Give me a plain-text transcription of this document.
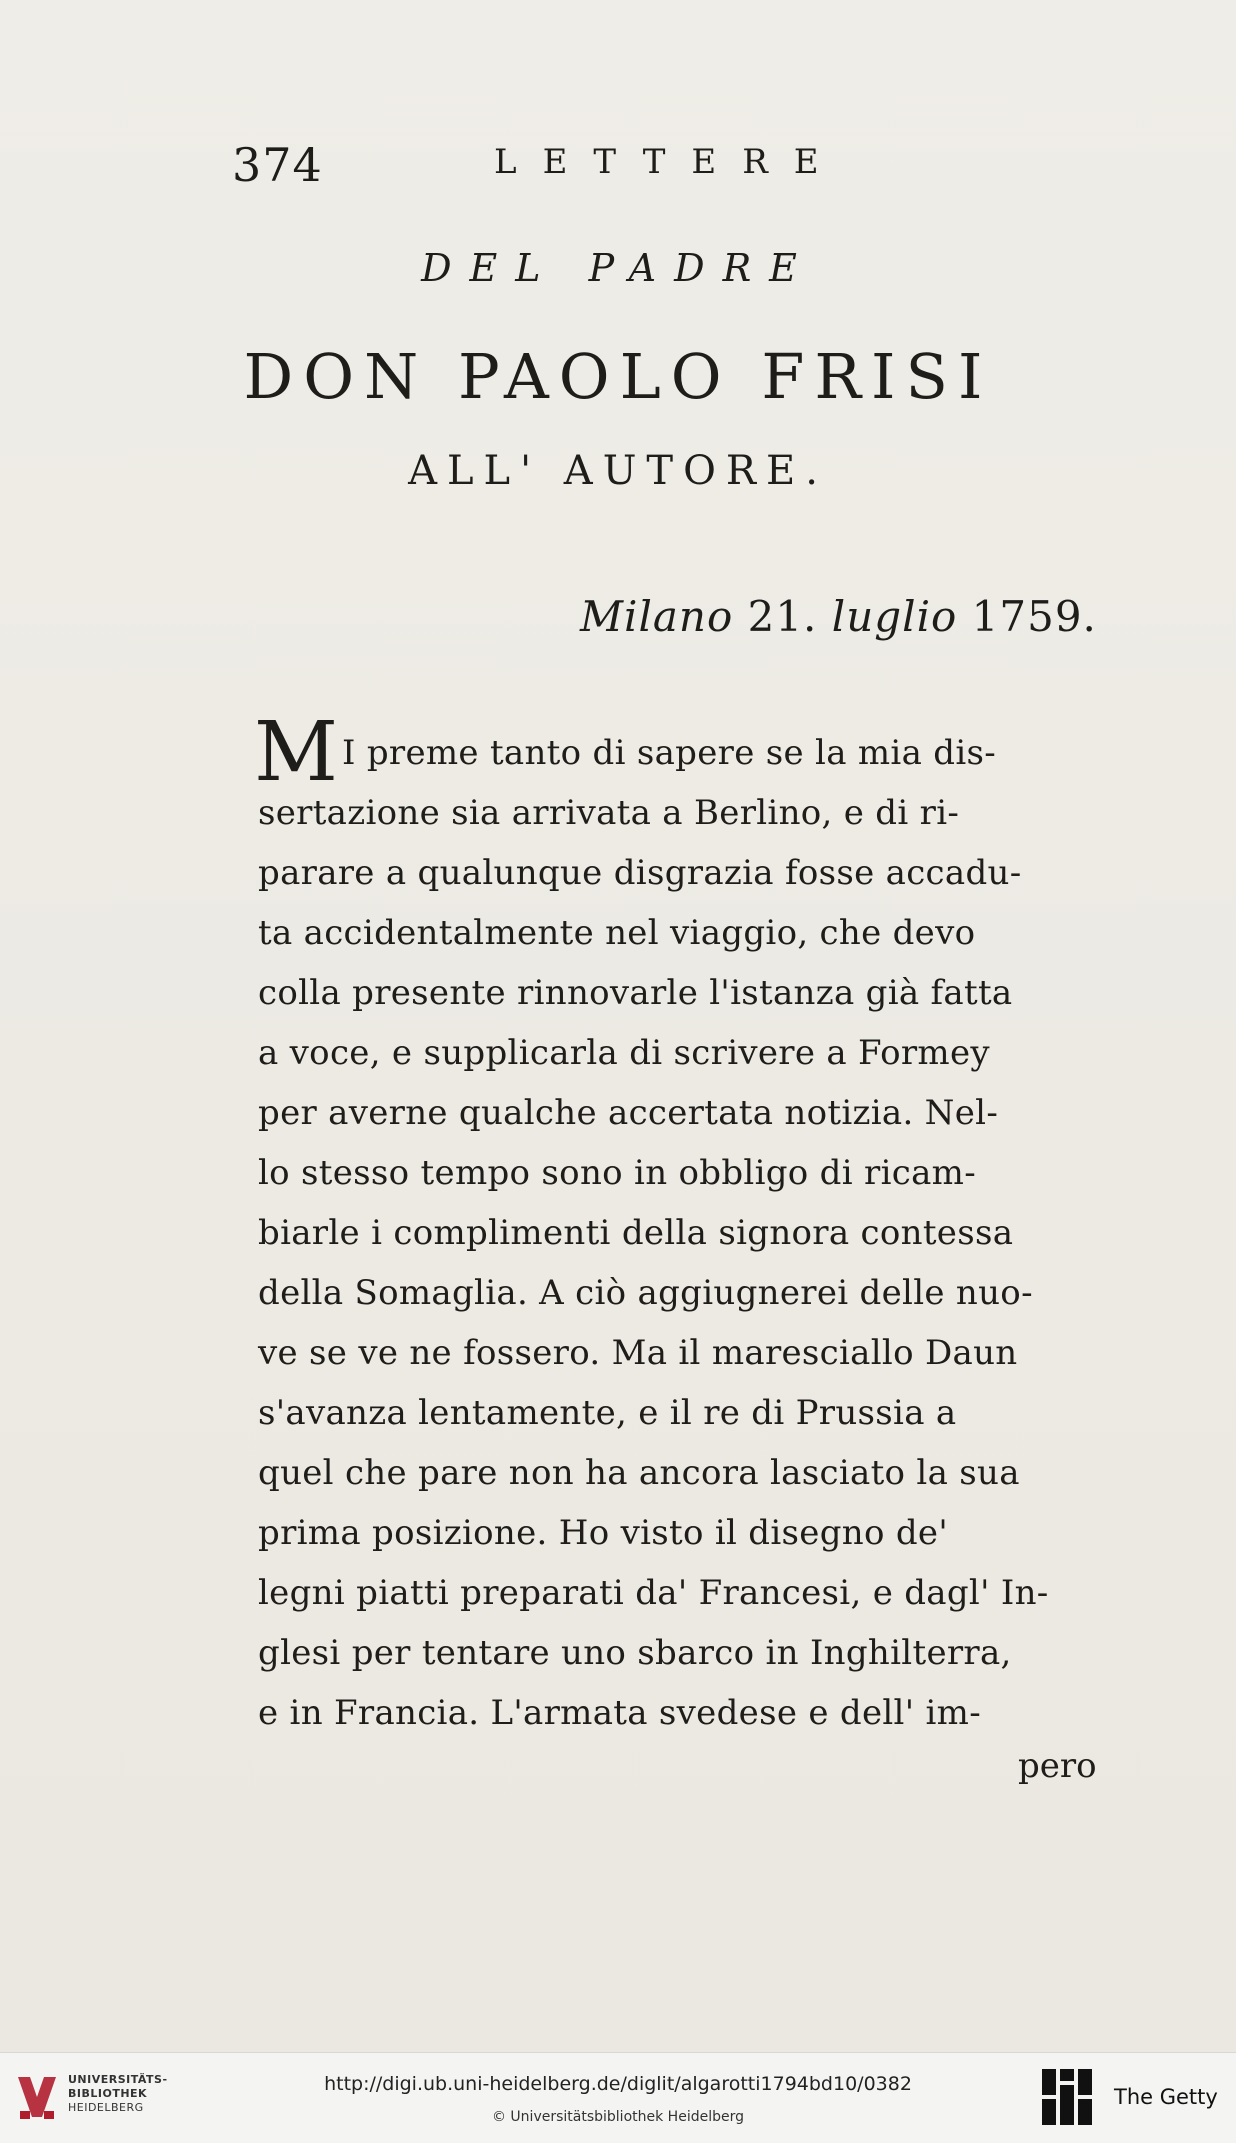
374	LETTERE
DEL PADRE
DON PAOLO FRISI
ALL' AUTORE.
Milano 21. luglio 1759.
M I preme tanto di sapere se la mia dis-
sertazione sia arrivata a Berlino, e di ri-
parare a qualunque disgrazia fosse accadu-
ta accidentalmente nel viaggio, che devo
colla presente rinnovarle l'istanza già fatta
a voce, e supplicarla di scrivere a Formey
per averne qualche accertata notizia. Nel-
lo stesso tempo sono in obbligo di ricam-
biarle i complimenti della signora contessa
della Somaglia. A ciò aggiugnerei delle nuo-
ve se ve ne fossero. Ma il maresciallo Daun
s'avanza lentamente, e il re di Prussia a
quel che pare non ha ancora lasciato la sua
prima posizione. Ho visto il disegno de'
legni piatti preparati da' Francesi, e dagl' In-
glesi per tentare uno sbarco in Inghilterra,
e in Francia. L'armata svedese e dell' im-
pero
UNIVERSITÄTS-
BIBLIOTHEK
HEIDELBERG
http://digi.ub.uni-heidelberg.de/diglit/algarotti1794bd10/0382
© Universitätsbibliothek Heidelberg
The Getty
